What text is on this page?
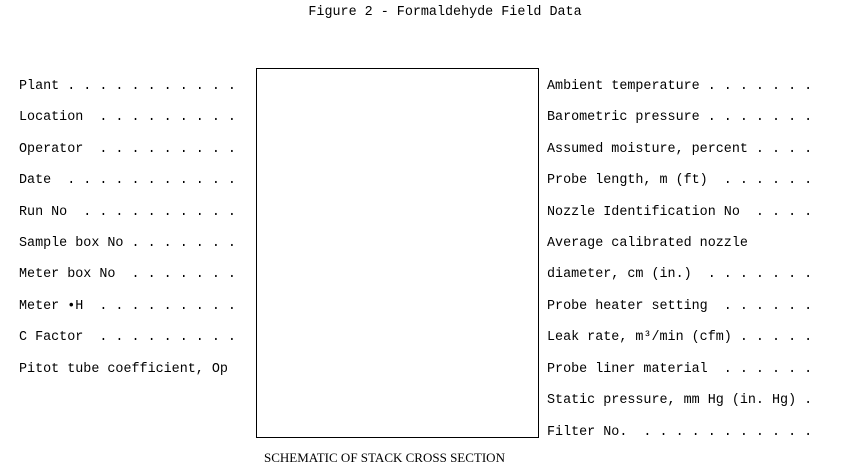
Figure 2 - Formaldehyde Field Data
Plant . . . . . . . . . . .
Location  . . . . . . . . .
Operator  . . . . . . . . .
Date  . . . . . . . . . . .
Run No  . . . . . . . . . .
Sample box No . . . . . . .
Meter box No  . . . . . . .
Meter •H  . . . . . . . . .
C Factor  . . . . . . . . .
Pitot tube coefficient, Op
SCHEMATIC OF STACK CROSS SECTION
Ambient temperature . . . . . . .
Barometric pressure . . . . . . .
Assumed moisture, percent . . . .
Probe length, m (ft)  . . . . . .
Nozzle Identification No  . . . .
Average calibrated nozzle
diameter, cm (in.)  . . . . . . .
Probe heater setting  . . . . . .
Leak rate, m³/min (cfm) . . . . .
Probe liner material  . . . . . .
Static pressure, mm Hg (in. Hg) .
Filter No.  . . . . . . . . . . .
